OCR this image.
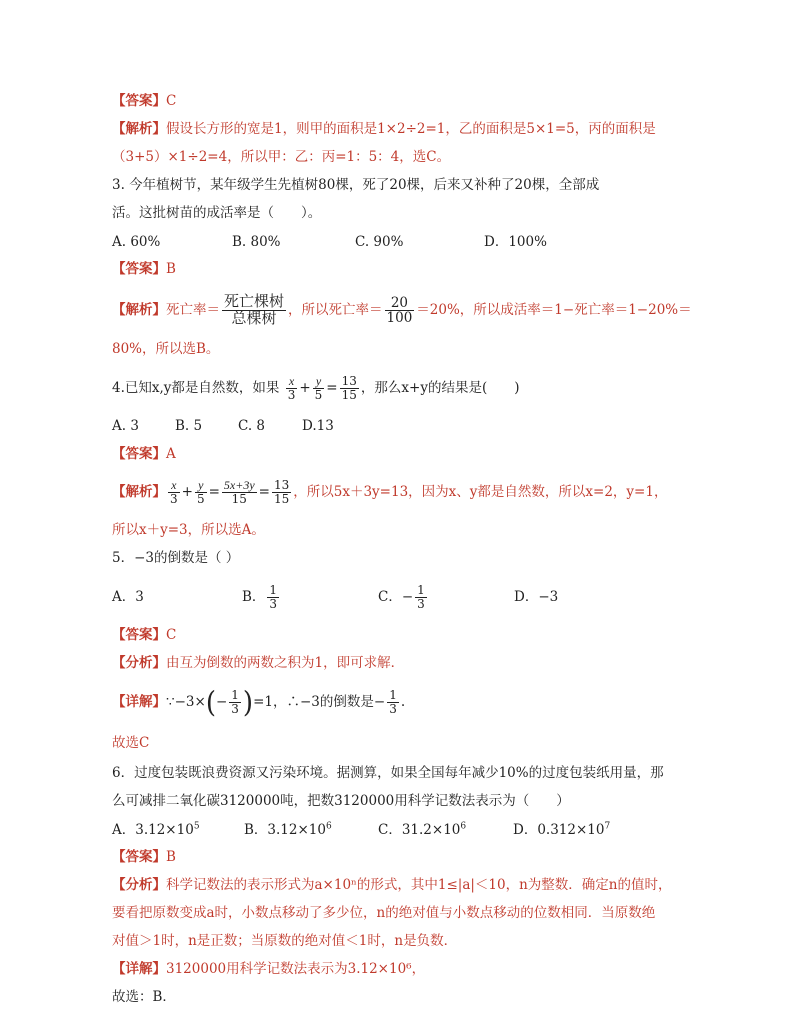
【答案】C
【解析】假设长方形的宽是1，则甲的面积是1×2÷2=1，乙的面积是5×1=5，丙的面积是
（3+5）×1÷2=4，所以甲：乙：丙=1：5：4，选C。
3. 今年植树节，某年级学生先植树80棵，死了20棵，后来又补种了20棵，全部成
活。这批树苗的成活率是（　　）。
A. 60%	B. 80%	C. 90%	D．100%
【答案】B
【解析】死亡率＝ $\frac{\text{死亡棵树}}{\text{总棵树}}$ ，所以死亡率＝ $\frac{20}{100} =20\%$，所以成活率＝1−死亡率＝1−20%＝
80%，所以选B。
4.已知x,y都是自然数，如果 $\frac{x}{3} + \frac{y}{5} = \frac{13}{15}$ ，那么x+y的结果是(　　)
A. 3	B. 5	C. 8	D.13
【答案】A
【解析】 $\frac{x}{3} + \frac{y}{5} = \frac{5x+3y}{15} = \frac{13}{15}$ ，所以5x＋3y=13，因为x、y都是自然数，所以x=2，y=1，
所以x＋y=3，所以选A。
5．−3的倒数是（ ）
A．3	B． $\frac{1}{3}$	C．− $\frac{1}{3}$	D．−3
【答案】C
【分析】由互为倒数的两数之积为1，即可求解．
【详解】∵−3×(− $\frac{1}{3} )=1$，∴−3的倒数是− $\frac{1}{3}$ .
故选C
6．过度包装既浪费资源又污染环境。据测算，如果全国每年减少10%的过度包装纸用量，那
么可减排二氧化碳3120000吨，把数3120000用科学记数法表示为（　　）
A．$3.12\times 10^5$	B．$3.12\times 10^6$	C．$31.2\times 10^6$	D．$0.312\times 10^7$
【答案】B
【分析】科学记数法的表示形式为a×10ⁿ的形式，其中1≤|a|＜10，n为整数．确定n的值时，
要看把原数变成a时，小数点移动了多少位，n的绝对值与小数点移动的位数相同．当原数绝
对值＞1时，n是正数；当原数的绝对值＜1时，n是负数．
【详解】3120000用科学记数法表示为3.12×10⁶，
故选：B．
